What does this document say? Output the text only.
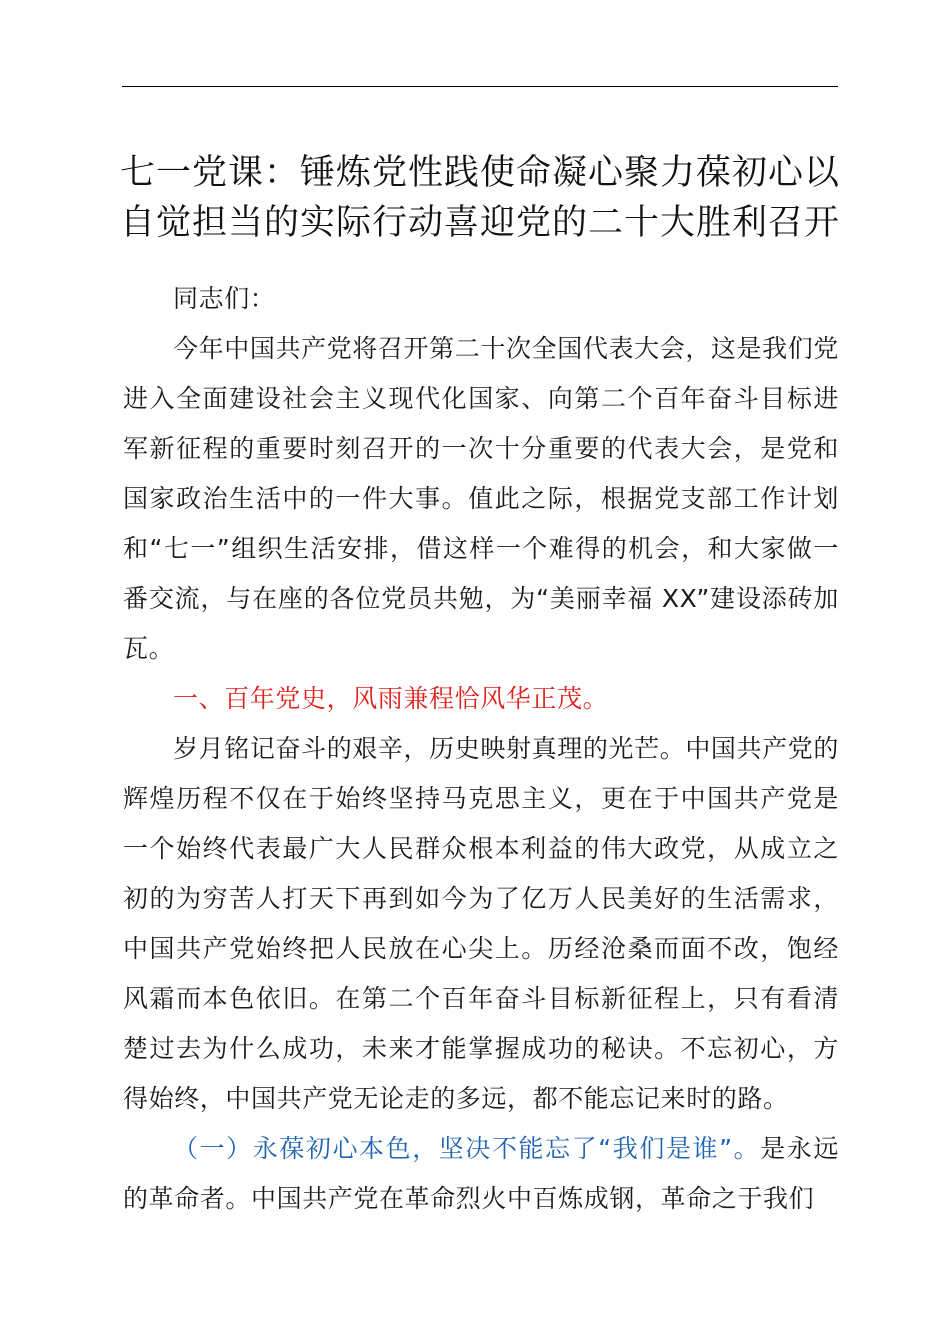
七一党课：锤炼党性践使命凝心聚力葆初心以
自觉担当的实际行动喜迎党的二十大胜利召开

同志们：

今年中国共产党将召开第二十次全国代表大会，这是我们党进入全面建设社会主义现代化国家、向第二个百年奋斗目标进军新征程的重要时刻召开的一次十分重要的代表大会，是党和国家政治生活中的一件大事。值此之际，根据党支部工作计划和“七一”组织生活安排，借这样一个难得的机会，和大家做一番交流，与在座的各位党员共勉，为“美丽幸福 XX”建设添砖加瓦。

一、百年党史，风雨兼程恰风华正茂。

岁月铭记奋斗的艰辛，历史映射真理的光芒。中国共产党的辉煌历程不仅在于始终坚持马克思主义，更在于中国共产党是一个始终代表最广大人民群众根本利益的伟大政党，从成立之初的为穷苦人打天下再到如今为了亿万人民美好的生活需求，中国共产党始终把人民放在心尖上。历经沧桑而面不改，饱经风霜而本色依旧。在第二个百年奋斗目标新征程上，只有看清楚过去为什么成功，未来才能掌握成功的秘诀。不忘初心，方得始终，中国共产党无论走的多远，都不能忘记来时的路。

（一）永葆初心本色，坚决不能忘了“我们是谁”。是永远的革命者。中国共产党在革命烈火中百炼成钢，革命之于我们
